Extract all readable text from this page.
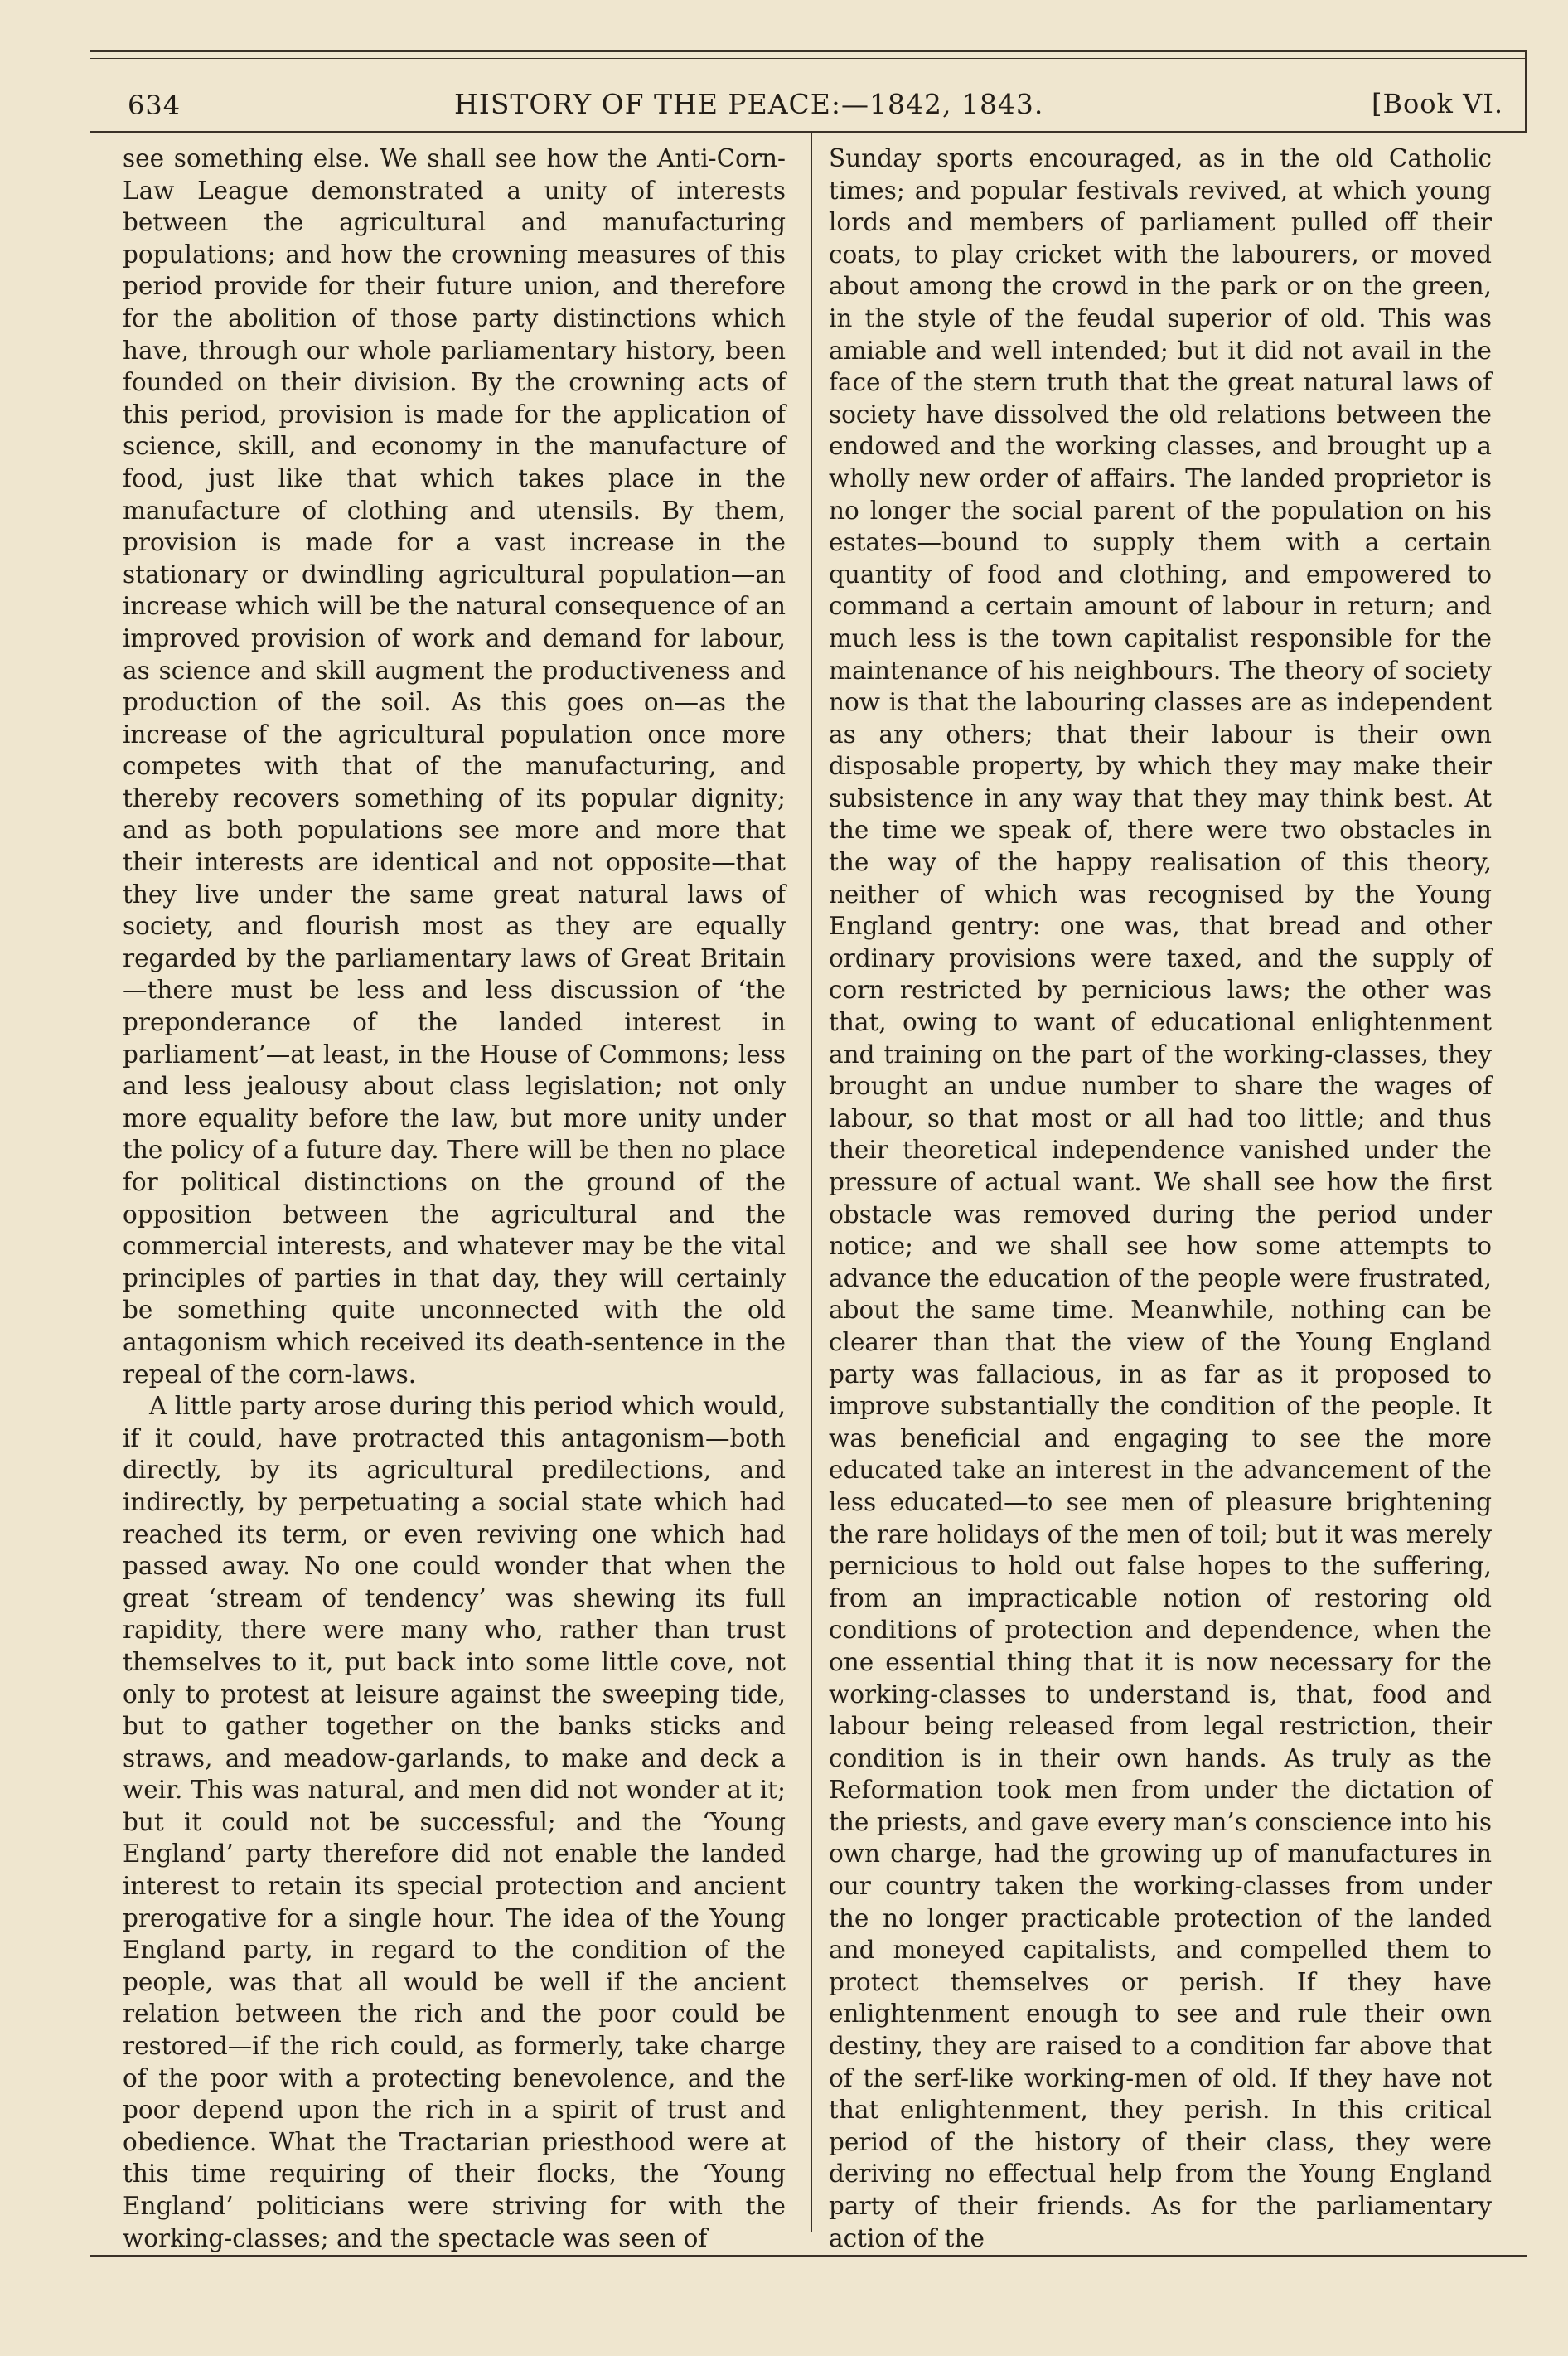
634	HISTORY OF THE PEACE:—1842, 1843.	[Book VI.

see something else. We shall see how the Anti-Corn-Law League demonstrated a unity of interests between the agricultural and manufacturing populations; and how the crowning measures of this period provide for their future union, and therefore for the abolition of those party distinctions which have, through our whole parliamentary history, been founded on their division. By the crowning acts of this period, provision is made for the application of science, skill, and economy in the manufacture of food, just like that which takes place in the manufacture of clothing and utensils. By them, provision is made for a vast increase in the stationary or dwindling agricultural population—an increase which will be the natural consequence of an improved provision of work and demand for labour, as science and skill augment the productiveness and production of the soil. As this goes on—as the increase of the agricultural population once more competes with that of the manufacturing, and thereby recovers something of its popular dignity; and as both populations see more and more that their interests are identical and not opposite—that they live under the same great natural laws of society, and flourish most as they are equally regarded by the parliamentary laws of Great Britain—there must be less and less discussion of ‘the preponderance of the landed interest in parliament’—at least, in the House of Commons; less and less jealousy about class legislation; not only more equality before the law, but more unity under the policy of a future day. There will be then no place for political distinctions on the ground of the opposition between the agricultural and the commercial interests, and whatever may be the vital principles of parties in that day, they will certainly be something quite unconnected with the old antagonism which received its death-sentence in the repeal of the corn-laws.

A little party arose during this period which would, if it could, have protracted this antagonism—both directly, by its agricultural predilections, and indirectly, by perpetuating a social state which had reached its term, or even reviving one which had passed away. No one could wonder that when the great ‘stream of tendency’ was shewing its full rapidity, there were many who, rather than trust themselves to it, put back into some little cove, not only to protest at leisure against the sweeping tide, but to gather together on the banks sticks and straws, and meadow-garlands, to make and deck a weir. This was natural, and men did not wonder at it; but it could not be successful; and the ‘Young England’ party therefore did not enable the landed interest to retain its special protection and ancient prerogative for a single hour. The idea of the Young England party, in regard to the condition of the people, was that all would be well if the ancient relation between the rich and the poor could be restored—if the rich could, as formerly, take charge of the poor with a protecting benevolence, and the poor depend upon the rich in a spirit of trust and obedience. What the Tractarian priesthood were at this time requiring of their flocks, the ‘Young England’ politicians were striving for with the working-classes; and the spectacle was seen of

Sunday sports encouraged, as in the old Catholic times; and popular festivals revived, at which young lords and members of parliament pulled off their coats, to play cricket with the labourers, or moved about among the crowd in the park or on the green, in the style of the feudal superior of old. This was amiable and well intended; but it did not avail in the face of the stern truth that the great natural laws of society have dissolved the old relations between the endowed and the working classes, and brought up a wholly new order of affairs. The landed proprietor is no longer the social parent of the population on his estates—bound to supply them with a certain quantity of food and clothing, and empowered to command a certain amount of labour in return; and much less is the town capitalist responsible for the maintenance of his neighbours. The theory of society now is that the labouring classes are as independent as any others; that their labour is their own disposable property, by which they may make their subsistence in any way that they may think best. At the time we speak of, there were two obstacles in the way of the happy realisation of this theory, neither of which was recognised by the Young England gentry: one was, that bread and other ordinary provisions were taxed, and the supply of corn restricted by pernicious laws; the other was that, owing to want of educational enlightenment and training on the part of the working-classes, they brought an undue number to share the wages of labour, so that most or all had too little; and thus their theoretical independence vanished under the pressure of actual want. We shall see how the first obstacle was removed during the period under notice; and we shall see how some attempts to advance the education of the people were frustrated, about the same time. Meanwhile, nothing can be clearer than that the view of the Young England party was fallacious, in as far as it proposed to improve substantially the condition of the people. It was beneficial and engaging to see the more educated take an interest in the advancement of the less educated—to see men of pleasure brightening the rare holidays of the men of toil; but it was merely pernicious to hold out false hopes to the suffering, from an impracticable notion of restoring old conditions of protection and dependence, when the one essential thing that it is now necessary for the working-classes to understand is, that, food and labour being released from legal restriction, their condition is in their own hands. As truly as the Reformation took men from under the dictation of the priests, and gave every man’s conscience into his own charge, had the growing up of manufactures in our country taken the working-classes from under the no longer practicable protection of the landed and moneyed capitalists, and compelled them to protect themselves or perish. If they have enlightenment enough to see and rule their own destiny, they are raised to a condition far above that of the serf-like working-men of old. If they have not that enlightenment, they perish. In this critical period of the history of their class, they were deriving no effectual help from the Young England party of their friends. As for the parliamentary action of the
